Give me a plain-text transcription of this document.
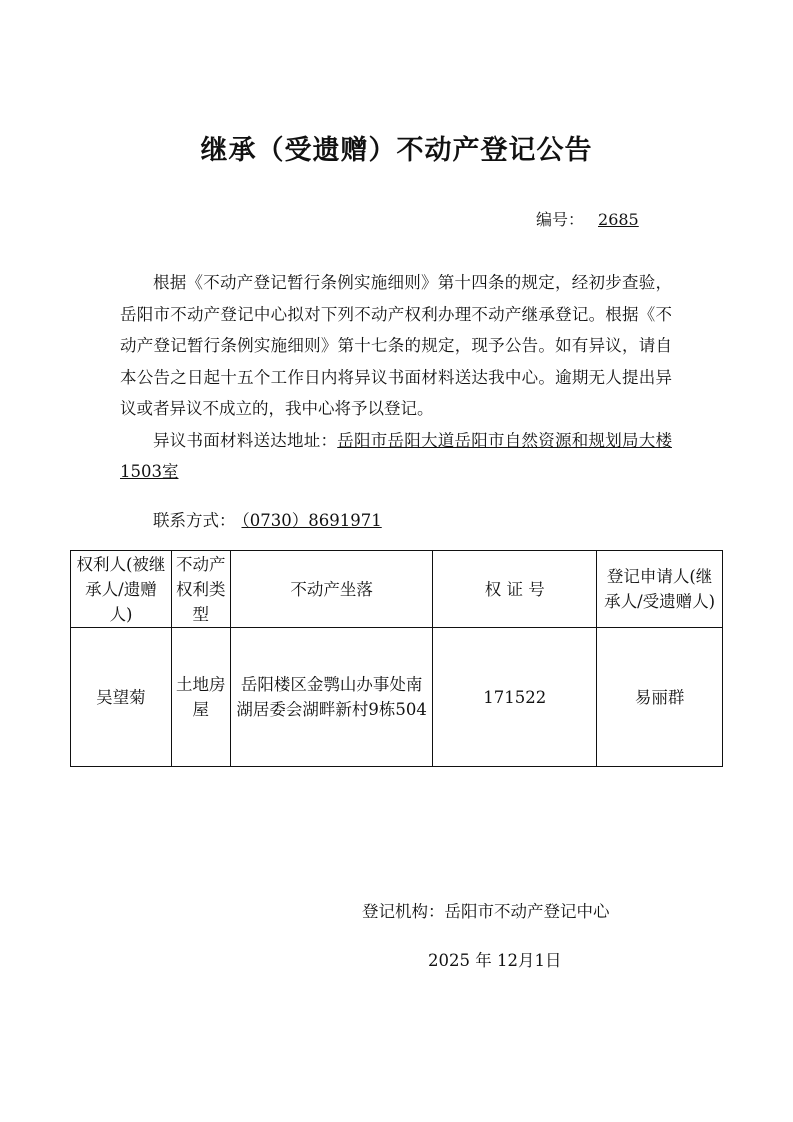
继承（受遗赠）不动产登记公告
编号： 2685

根据《不动产登记暂行条例实施细则》第十四条的规定，经初步查验，岳阳市不动产登记中心拟对下列不动产权利办理不动产继承登记。根据《不动产登记暂行条例实施细则》第十七条的规定，现予公告。如有异议，请自本公告之日起十五个工作日内将异议书面材料送达我中心。逾期无人提出异议或者异议不成立的，我中心将予以登记。

异议书面材料送达地址：岳阳市岳阳大道岳阳市自然资源和规划局大楼1503室

联系方式： （0730）8691971
权利人(被继承人/遗赠人)	不动产权利类型	不动产坐落	权 证 号	登记申请人(继承人/受遗赠人)
吴望菊	土地房屋	岳阳楼区金鹗山办事处南湖居委会湖畔新村9栋504	171522	易丽群
登记机构：岳阳市不动产登记中心
2025 年 12月1日
